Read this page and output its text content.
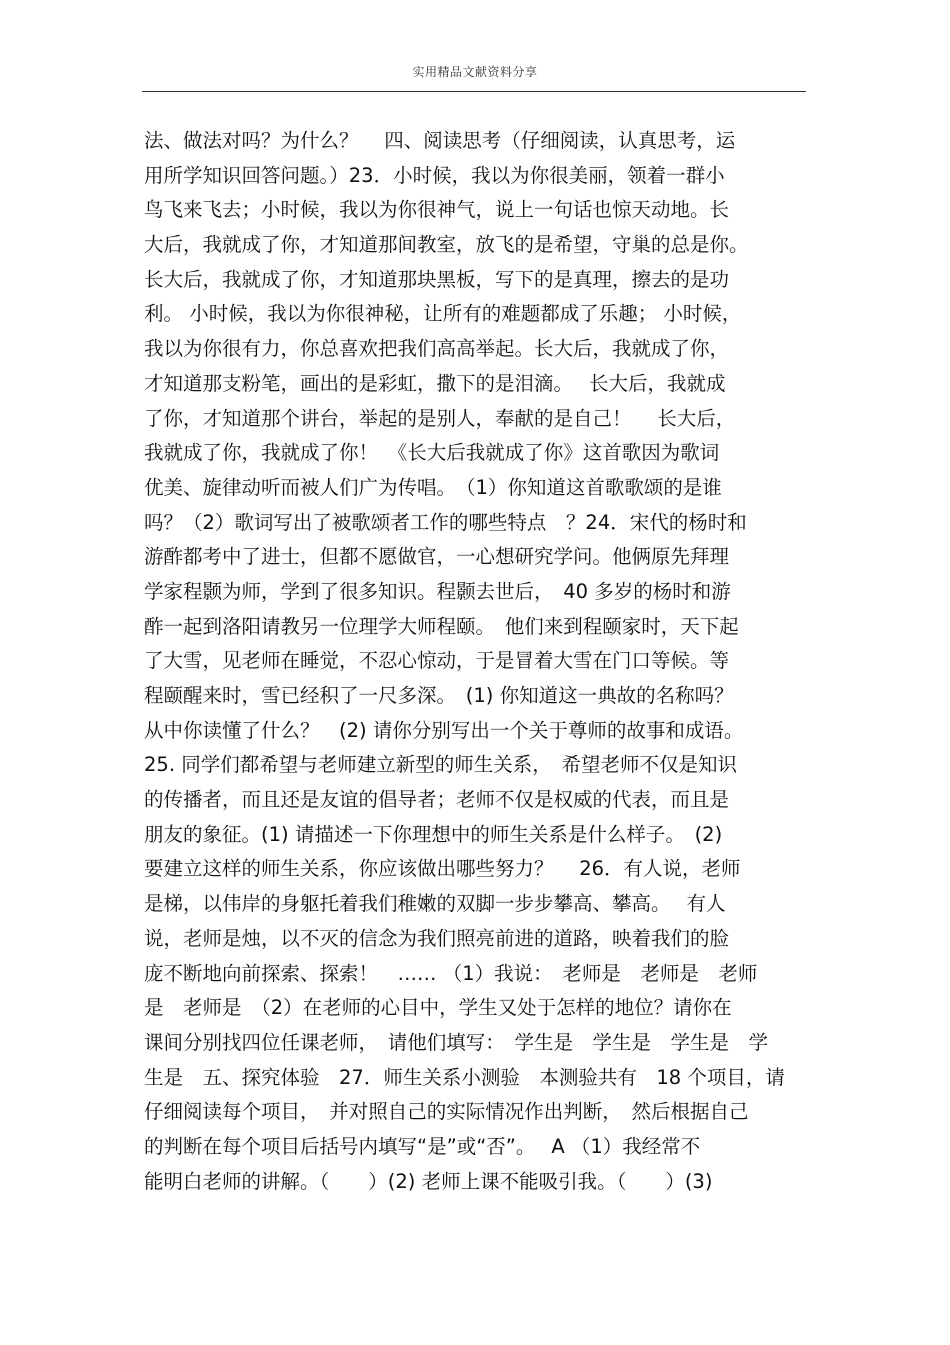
实用精品文献资料分享
法、做法对吗？为什么？　 四、阅读思考（仔细阅读，认真思考，运
用所学知识回答问题。）23．小时候，我以为你很美丽，领着一群小
鸟飞来飞去；小时候，我以为你很神气，说上一句话也惊天动地。长
大后，我就成了你，才知道那间教室，放飞的是希望，守巢的总是你。
长大后，我就成了你，才知道那块黑板，写下的是真理，擦去的是功
利。 小时候，我以为你很神秘，让所有的难题都成了乐趣； 小时候，
我以为你很有力，你总喜欢把我们高高举起。长大后，我就成了你，
才知道那支粉笔，画出的是彩虹，撒下的是泪滴。　 长大后，我就成
了你，才知道那个讲台，举起的是别人，奉献的是自己！　 长大后，
我就成了你，我就成了你！　《长大后我就成了你》这首歌因为歌词
优美、旋律动听而被人们广为传唱。　（1）你知道这首歌歌颂的是谁
吗？（2）歌词写出了被歌颂者工作的哪些特点　？24．宋代的杨时和
游酢都考中了进士，但都不愿做官，一心想研究学问。他俩原先拜理
学家程颢为师，学到了很多知识。程颢去世后，　40 多岁的杨时和游
酢一起到洛阳请教另一位理学大师程颐。　他们来到程颐家时，天下起
了大雪，见老师在睡觉，不忍心惊动，于是冒着大雪在门口等候。等
程颐醒来时，雪已经积了一尺多深。　(1) 你知道这一典故的名称吗？
从中你读懂了什么？　(2) 请你分别写出一个关于尊师的故事和成语。
25. 同学们都希望与老师建立新型的师生关系，　希望老师不仅是知识
的传播者，而且还是友谊的倡导者；老师不仅是权威的代表，而且是
朋友的象征。(1) 请描述一下你理想中的师生关系是什么样子。　(2)
要建立这样的师生关系，你应该做出哪些努力？　 26．有人说，老师
是梯，以伟岸的身躯托着我们稚嫩的双脚一步步攀高、攀高。　 有人
说，老师是烛，以不灭的信念为我们照亮前进的道路，映着我们的脸
庞不断地向前探索、探索！　…… （1）我说：　老师是　老师是　老师
是　老师是　（2）在老师的心目中，学生又处于怎样的地位？请你在
课间分别找四位任课老师，　请他们填写：　学生是　学生是　学生是　学
生是　五、探究体验　27．师生关系小测验　本测验共有　18 个项目，请
仔细阅读每个项目，　并对照自己的实际情况作出判断，　然后根据自己
的判断在每个项目后括号内填写“是”或“否”。　 A （1）我经常不
能明白老师的讲解。（　　）(2) 老师上课不能吸引我。（　　）(3)
